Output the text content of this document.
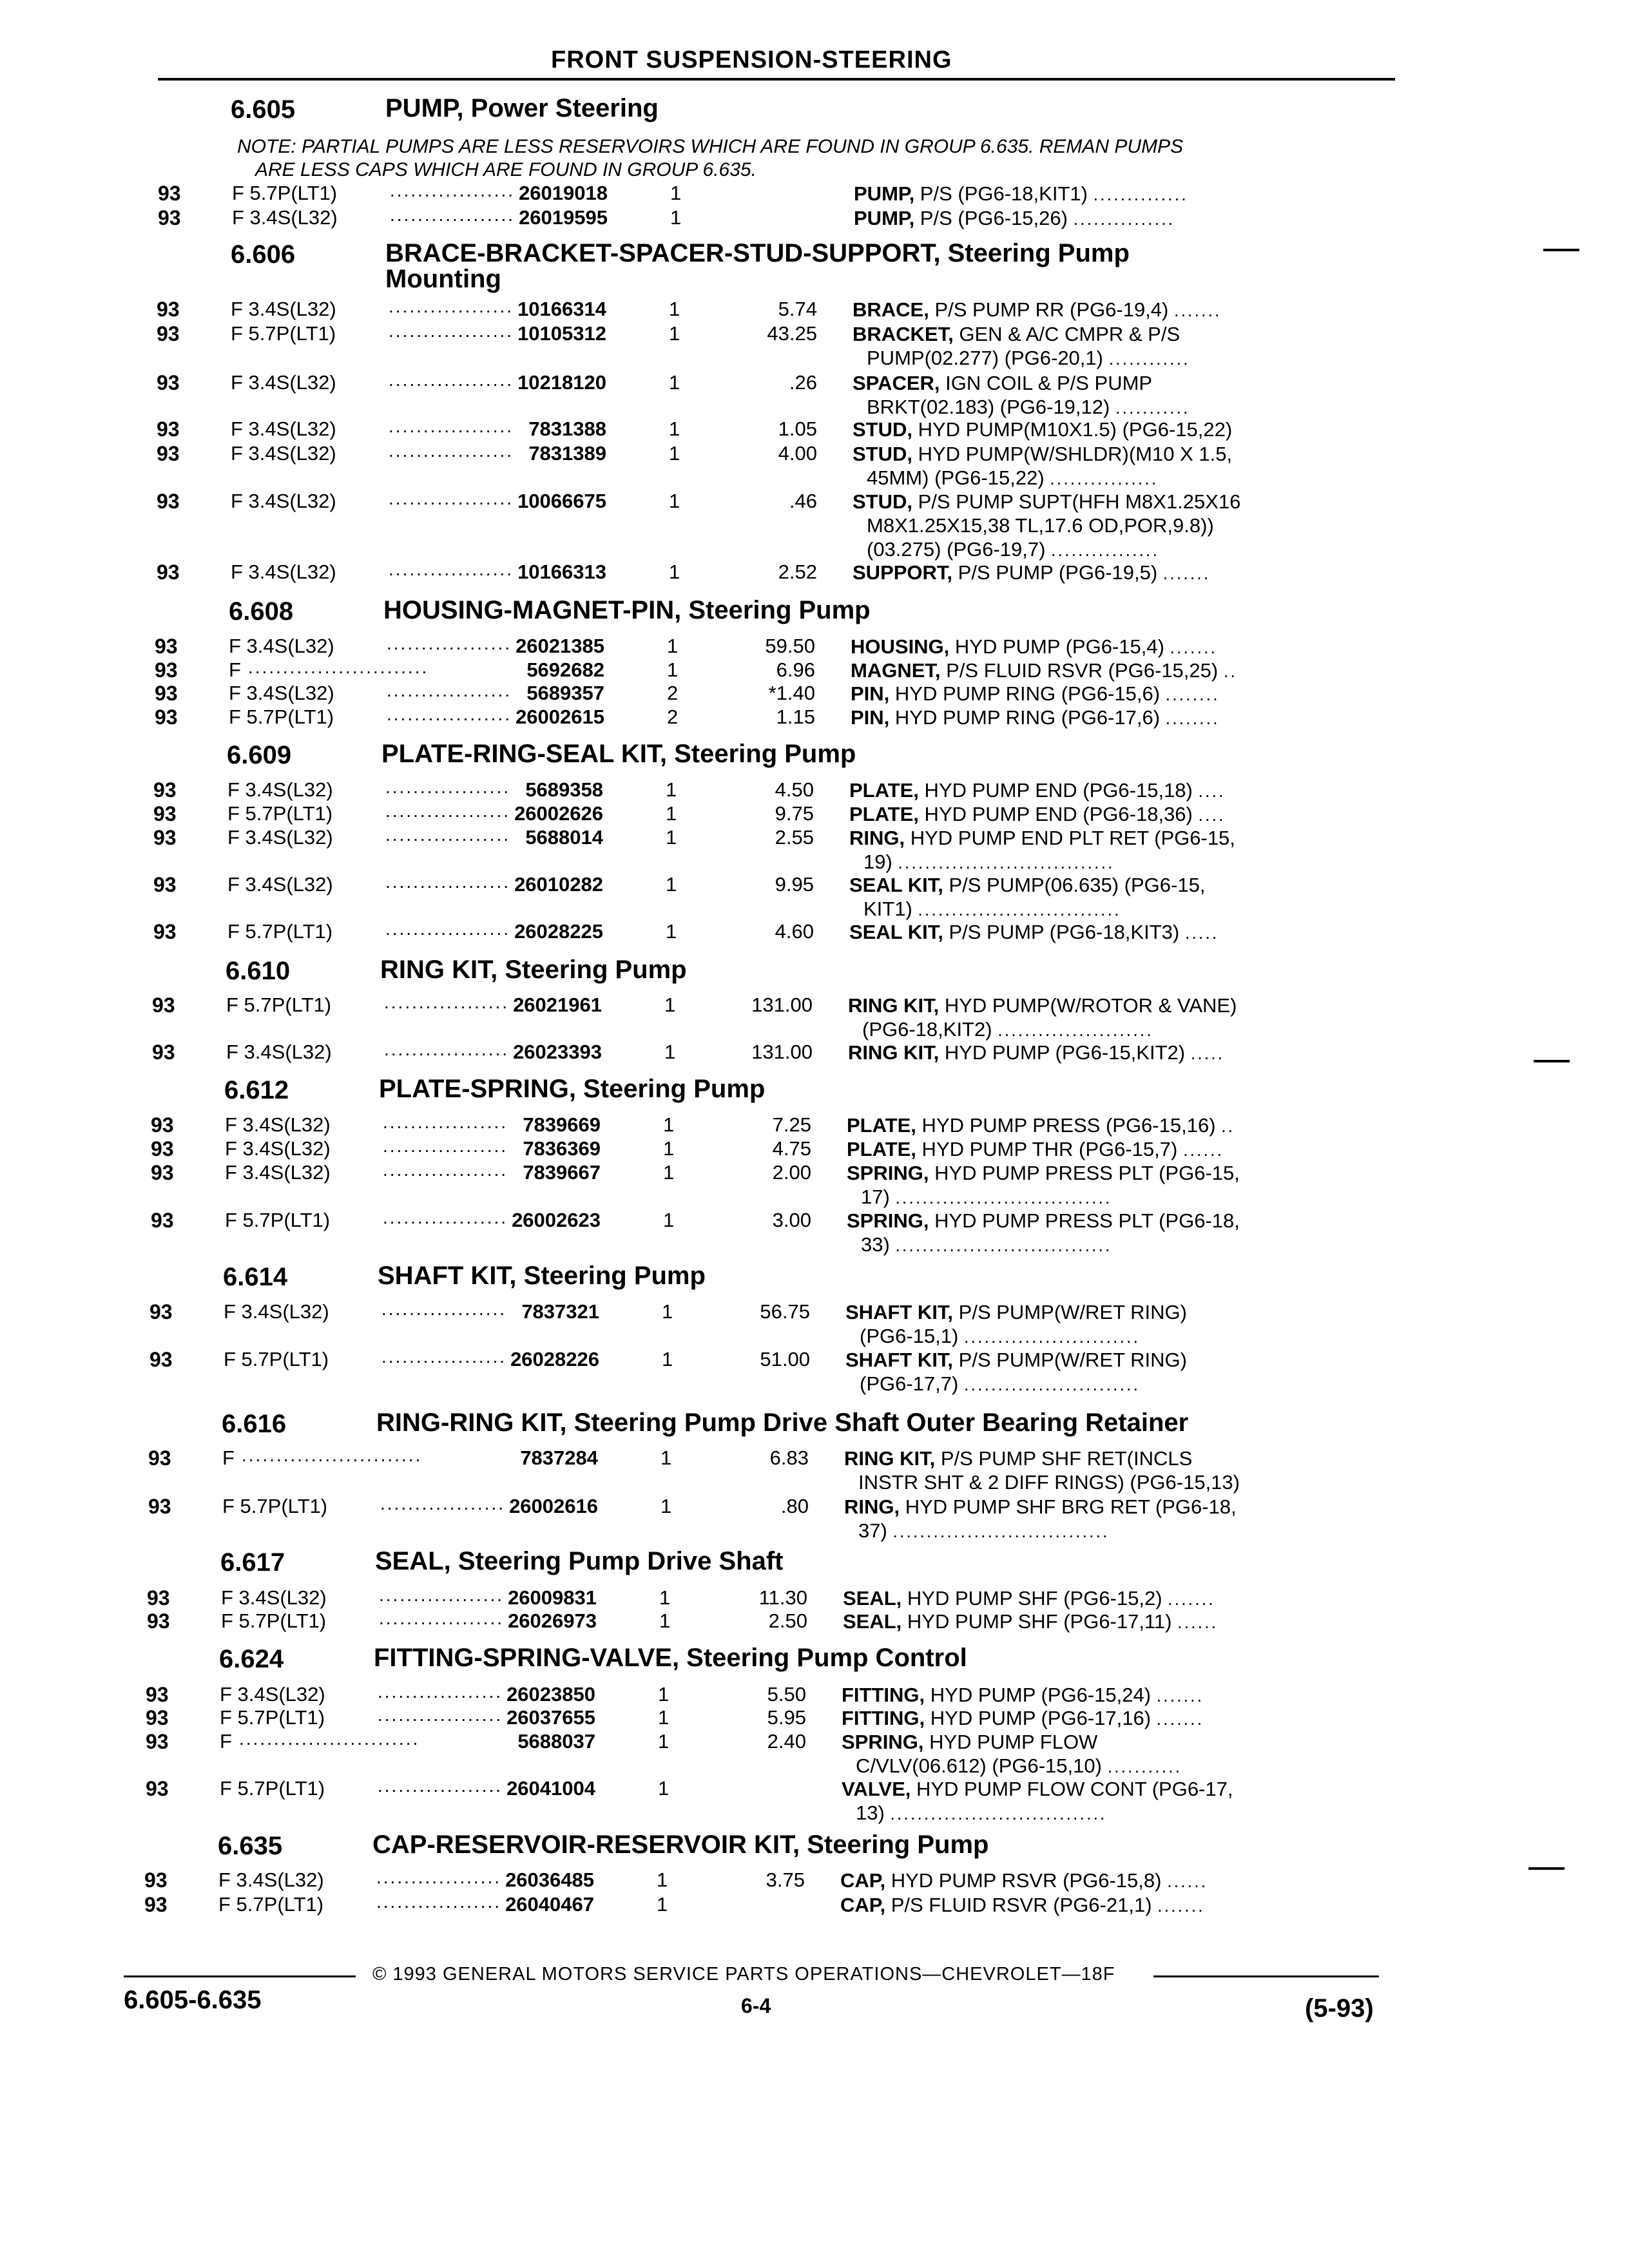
FRONT SUSPENSION-STEERING
6.605	PUMP, Power Steering
NOTE: PARTIAL PUMPS ARE LESS RESERVOIRS WHICH ARE FOUND IN GROUP 6.635. REMAN PUMPS
ARE LESS CAPS WHICH ARE FOUND IN GROUP 6.635.
93	F 5.7P(LT1)	.................. 26019018	1	PUMP, P/S (PG6-18,KIT1) ..............
93	F 3.4S(L32)	.................. 26019595	1	PUMP, P/S (PG6-15,26) ...............
6.606	BRACE-BRACKET-SPACER-STUD-SUPPORT, Steering Pump
Mounting
93	F 3.4S(L32)	.................. 10166314	1	5.74 BRACE, P/S PUMP RR (PG6-19,4) .......
93	F 5.7P(LT1)	.................. 10105312	1	43.25 BRACKET, GEN & A/C CMPR & P/S
PUMP(02.277) (PG6-20,1) ............
93	F 3.4S(L32)	.................. 10218120	1	.26 SPACER, IGN COIL & P/S PUMP
BRKT(02.183) (PG6-19,12) ...........
93	F 3.4S(L32)	.................. 7831388	1	1.05 STUD, HYD PUMP(M10X1.5) (PG6-15,22)
93	F 3.4S(L32)	.................. 7831389	1	4.00 STUD, HYD PUMP(W/SHLDR)(M10 X 1.5,
45MM) (PG6-15,22) ................
93	F 3.4S(L32)	.................. 10066675	1	.46 STUD, P/S PUMP SUPT(HFH M8X1.25X16
M8X1.25X15,38 TL,17.6 OD,POR,9.8))
(03.275) (PG6-19,7) ................
93	F 3.4S(L32)	.................. 10166313	1	2.52 SUPPORT, P/S PUMP (PG6-19,5) .......
6.608	HOUSING-MAGNET-PIN, Steering Pump
93	F 3.4S(L32)	.................. 26021385	1	59.50 HOUSING, HYD PUMP (PG6-15,4) .......
93	F ..........................	5692682	1	6.96 MAGNET, P/S FLUID RSVR (PG6-15,25) ..
93	F 3.4S(L32)	.................. 5689357	2	*1.40 PIN, HYD PUMP RING (PG6-15,6) ........
93	F 5.7P(LT1)	.................. 26002615	2	1.15 PIN, HYD PUMP RING (PG6-17,6) ........
6.609	PLATE-RING-SEAL KIT, Steering Pump
93	F 3.4S(L32)	.................. 5689358	1	4.50 PLATE, HYD PUMP END (PG6-15,18) ....
93	F 5.7P(LT1)	.................. 26002626	1	9.75 PLATE, HYD PUMP END (PG6-18,36) ....
93	F 3.4S(L32)	.................. 5688014	1	2.55 RING, HYD PUMP END PLT RET (PG6-15,
19) ................................
93	F 3.4S(L32)	.................. 26010282	1	9.95 SEAL KIT, P/S PUMP(06.635) (PG6-15,
KIT1) ..............................
93	F 5.7P(LT1)	.................. 26028225	1	4.60 SEAL KIT, P/S PUMP (PG6-18,KIT3) .....
6.610	RING KIT, Steering Pump
93	F 5.7P(LT1)	.................. 26021961	1	131.00 RING KIT, HYD PUMP(W/ROTOR & VANE)
(PG6-18,KIT2) .......................
93	F 3.4S(L32)	.................. 26023393	1	131.00 RING KIT, HYD PUMP (PG6-15,KIT2) .....
6.612	PLATE-SPRING, Steering Pump
93	F 3.4S(L32)	.................. 7839669	1	7.25 PLATE, HYD PUMP PRESS (PG6-15,16) ..
93	F 3.4S(L32)	.................. 7836369	1	4.75 PLATE, HYD PUMP THR (PG6-15,7) ......
93	F 3.4S(L32)	.................. 7839667	1	2.00 SPRING, HYD PUMP PRESS PLT (PG6-15,
17) ................................
93	F 5.7P(LT1)	.................. 26002623	1	3.00 SPRING, HYD PUMP PRESS PLT (PG6-18,
33) ................................
6.614	SHAFT KIT, Steering Pump
93	F 3.4S(L32)	.................. 7837321	1	56.75 SHAFT KIT, P/S PUMP(W/RET RING)
(PG6-15,1) ..........................
93	F 5.7P(LT1)	.................. 26028226	1	51.00 SHAFT KIT, P/S PUMP(W/RET RING)
(PG6-17,7) ..........................
6.616	RING-RING KIT, Steering Pump Drive Shaft Outer Bearing Retainer
93	F ..........................	7837284	1	6.83 RING KIT, P/S PUMP SHF RET(INCLS
INSTR SHT & 2 DIFF RINGS) (PG6-15,13)
93	F 5.7P(LT1)	.................. 26002616	1	.80 RING, HYD PUMP SHF BRG RET (PG6-18,
37) ................................
6.617	SEAL, Steering Pump Drive Shaft
93	F 3.4S(L32)	.................. 26009831	1	11.30 SEAL, HYD PUMP SHF (PG6-15,2) .......
93	F 5.7P(LT1)	.................. 26026973	1	2.50 SEAL, HYD PUMP SHF (PG6-17,11) ......
6.624	FITTING-SPRING-VALVE, Steering Pump Control
93	F 3.4S(L32)	.................. 26023850	1	5.50 FITTING, HYD PUMP (PG6-15,24) .......
93	F 5.7P(LT1)	.................. 26037655	1	5.95 FITTING, HYD PUMP (PG6-17,16) .......
93	F ..........................	5688037	1	2.40 SPRING, HYD PUMP FLOW
C/VLV(06.612) (PG6-15,10) ...........
93	F 5.7P(LT1)	.................. 26041004	1	VALVE, HYD PUMP FLOW CONT (PG6-17,
13) ................................
6.635	CAP-RESERVOIR-RESERVOIR KIT, Steering Pump
93	F 3.4S(L32)	.................. 26036485	1	3.75 CAP, HYD PUMP RSVR (PG6-15,8) ......
93	F 5.7P(LT1)	.................. 26040467	1	CAP, P/S FLUID RSVR (PG6-21,1) .......
© 1993 GENERAL MOTORS SERVICE PARTS OPERATIONS—CHEVROLET—18F
6.605-6.635	6-4	(5-93)
